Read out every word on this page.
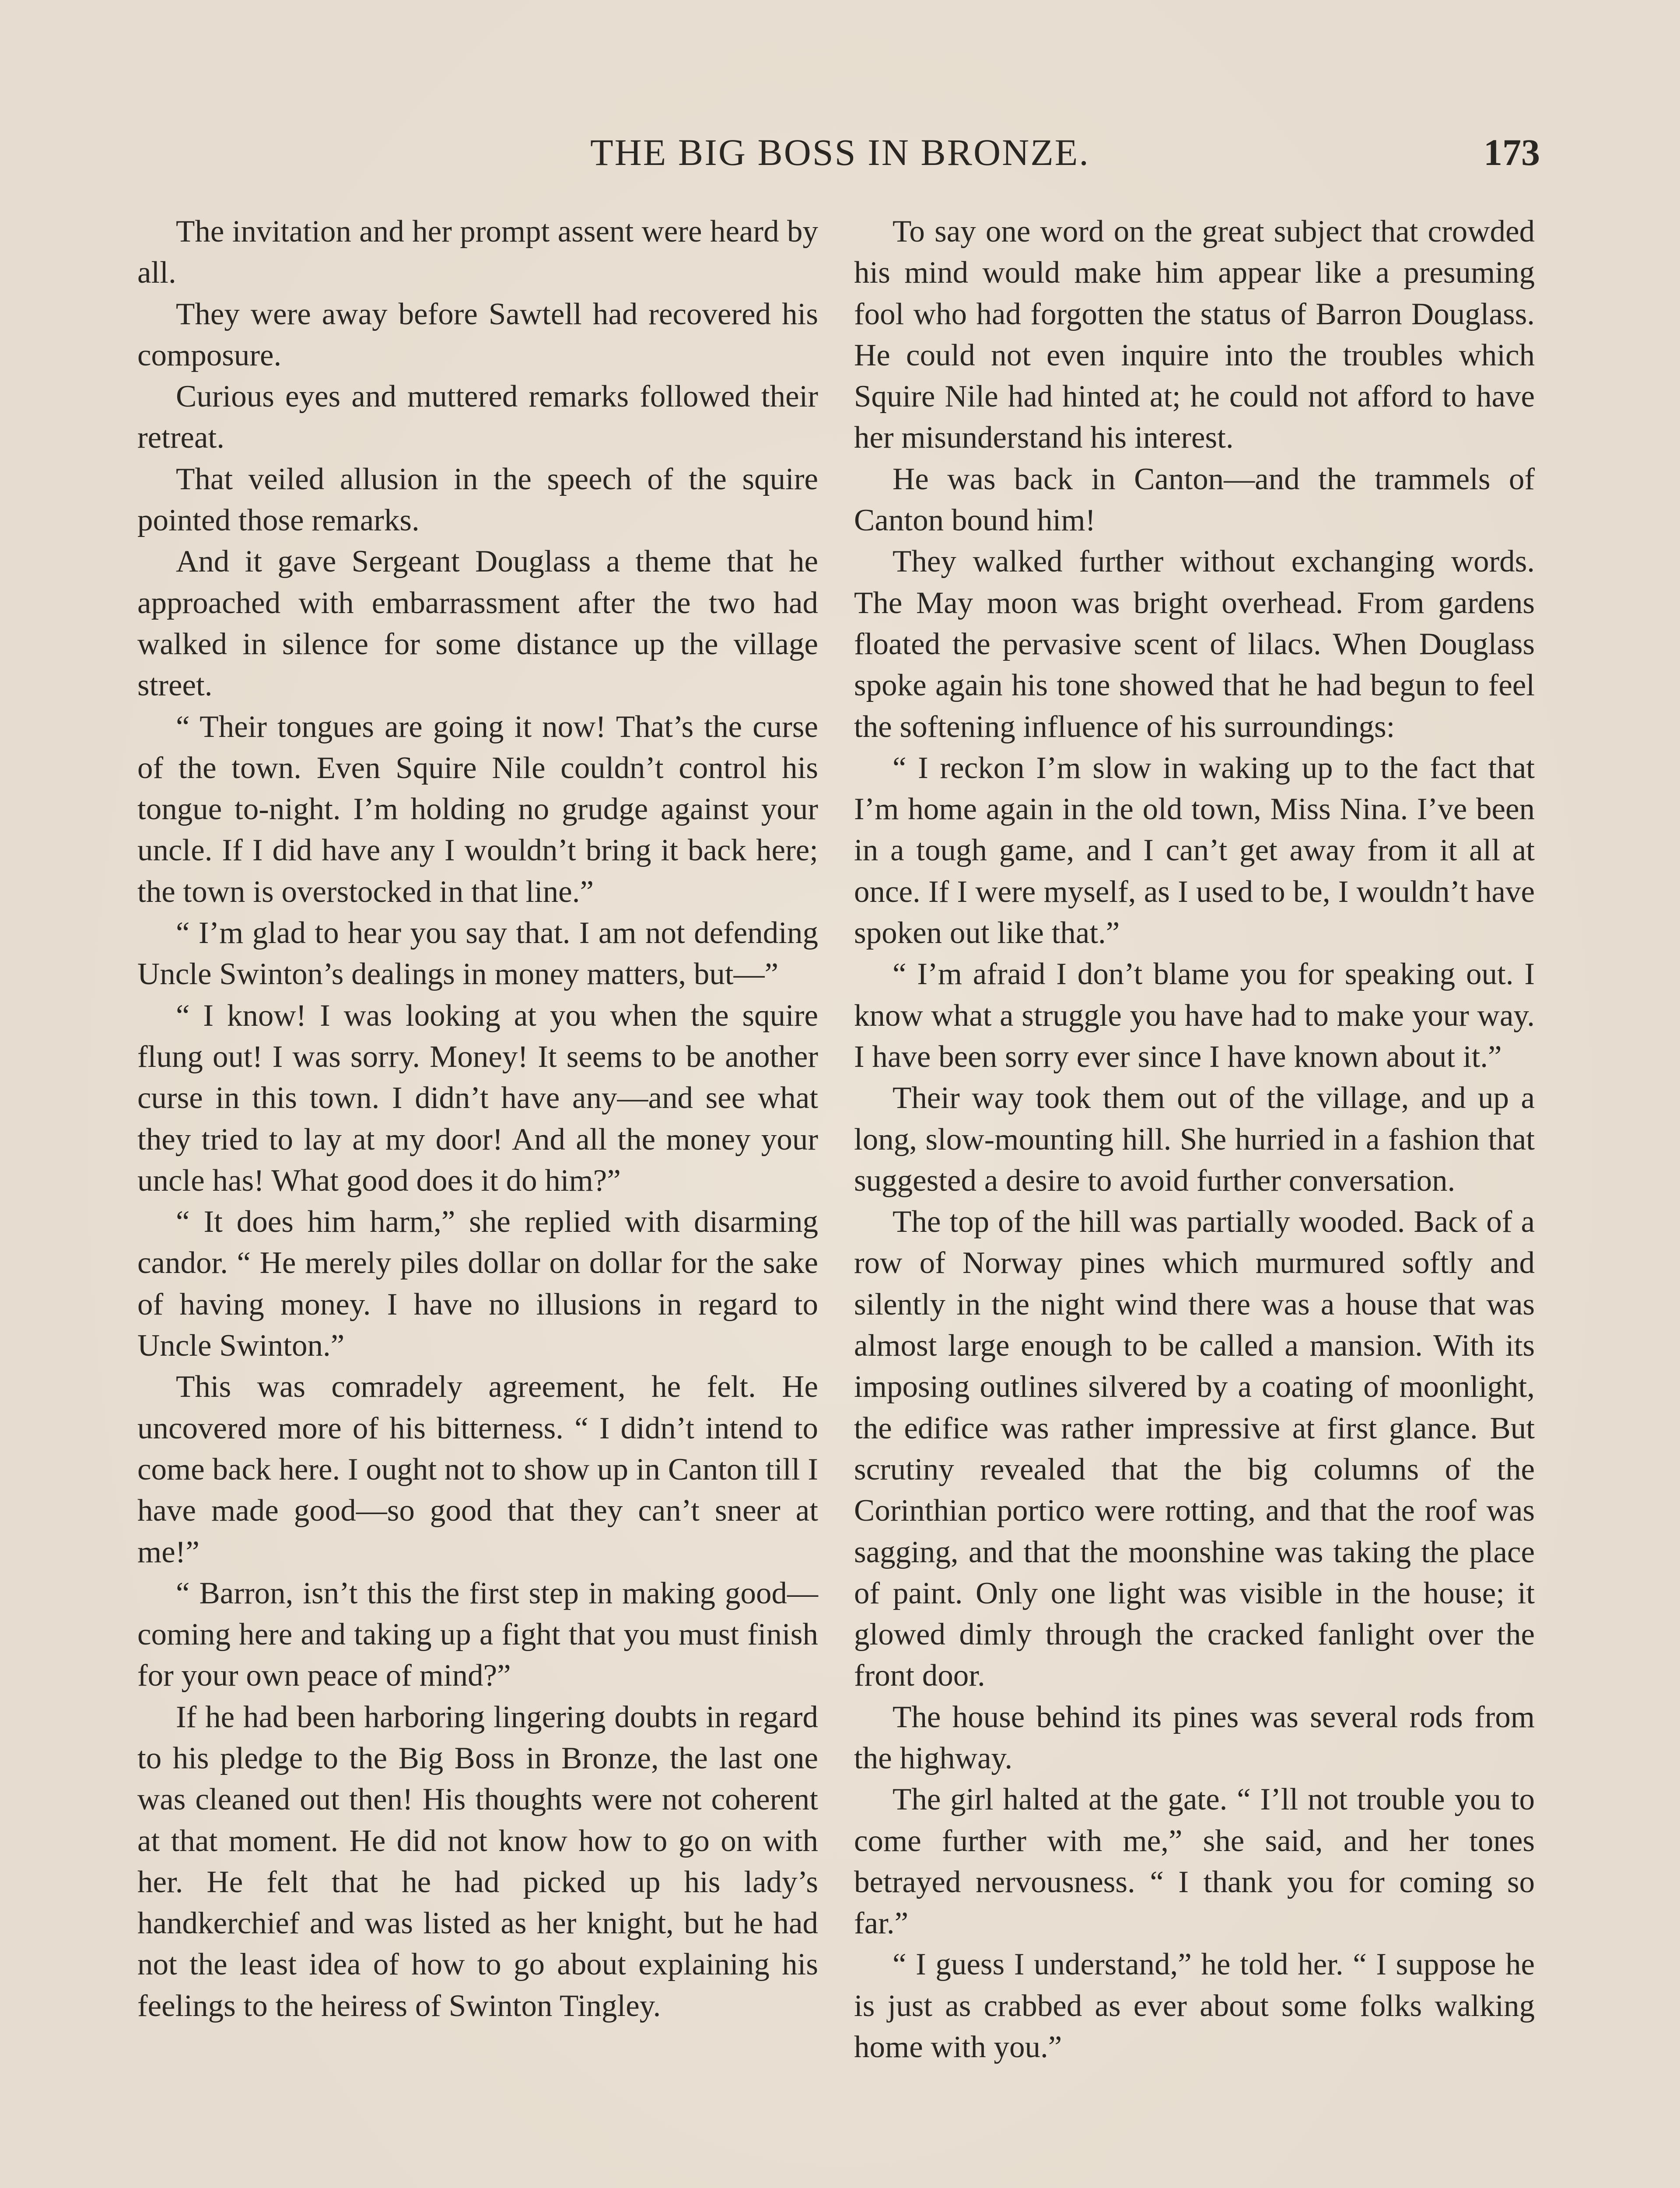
THE BIG BOSS IN BRONZE.	173

The invitation and her prompt assent were heard by all.

They were away before Sawtell had recovered his composure.

Curious eyes and muttered remarks followed their retreat.

That veiled allusion in the speech of the squire pointed those remarks.

And it gave Sergeant Douglass a theme that he approached with embarrassment after the two had walked in silence for some distance up the village street.

“ Their tongues are going it now! That’s the curse of the town. Even Squire Nile couldn’t control his tongue to-night. I’m holding no grudge against your uncle. If I did have any I wouldn’t bring it back here; the town is overstocked in that line.”

“ I’m glad to hear you say that. I am not defending Uncle Swinton’s dealings in money matters, but—”

“ I know! I was looking at you when the squire flung out! I was sorry. Money! It seems to be another curse in this town. I didn’t have any—and see what they tried to lay at my door! And all the money your uncle has! What good does it do him?”

“ It does him harm,” she replied with disarming candor. “ He merely piles dollar on dollar for the sake of having money. I have no illusions in regard to Uncle Swinton.”

This was comradely agreement, he felt. He uncovered more of his bitterness. “ I didn’t intend to come back here. I ought not to show up in Canton till I have made good—so good that they can’t sneer at me!”

“ Barron, isn’t this the first step in making good—coming here and taking up a fight that you must finish for your own peace of mind?”

If he had been harboring lingering doubts in regard to his pledge to the Big Boss in Bronze, the last one was cleaned out then! His thoughts were not coherent at that moment. He did not know how to go on with her. He felt that he had picked up his lady’s handkerchief and was listed as her knight, but he had not the least idea of how to go about explaining his feelings to the heiress of Swinton Tingley.

To say one word on the great subject that crowded his mind would make him appear like a presuming fool who had forgotten the status of Barron Douglass. He could not even inquire into the troubles which Squire Nile had hinted at; he could not afford to have her misunderstand his interest.

He was back in Canton—and the trammels of Canton bound him!

They walked further without exchanging words. The May moon was bright overhead. From gardens floated the pervasive scent of lilacs. When Douglass spoke again his tone showed that he had begun to feel the softening influence of his surroundings:

“ I reckon I’m slow in waking up to the fact that I’m home again in the old town, Miss Nina. I’ve been in a tough game, and I can’t get away from it all at once. If I were myself, as I used to be, I wouldn’t have spoken out like that.”

“ I’m afraid I don’t blame you for speaking out. I know what a struggle you have had to make your way. I have been sorry ever since I have known about it.”

Their way took them out of the village, and up a long, slow-mounting hill. She hurried in a fashion that suggested a desire to avoid further conversation.

The top of the hill was partially wooded. Back of a row of Norway pines which murmured softly and silently in the night wind there was a house that was almost large enough to be called a mansion. With its imposing outlines silvered by a coating of moonlight, the edifice was rather impressive at first glance. But scrutiny revealed that the big columns of the Corinthian portico were rotting, and that the roof was sagging, and that the moonshine was taking the place of paint. Only one light was visible in the house; it glowed dimly through the cracked fanlight over the front door.

The house behind its pines was several rods from the highway.

The girl halted at the gate. “ I’ll not trouble you to come further with me,” she said, and her tones betrayed nervousness. “ I thank you for coming so far.”

“ I guess I understand,” he told her. “ I suppose he is just as crabbed as ever about some folks walking home with you.”
